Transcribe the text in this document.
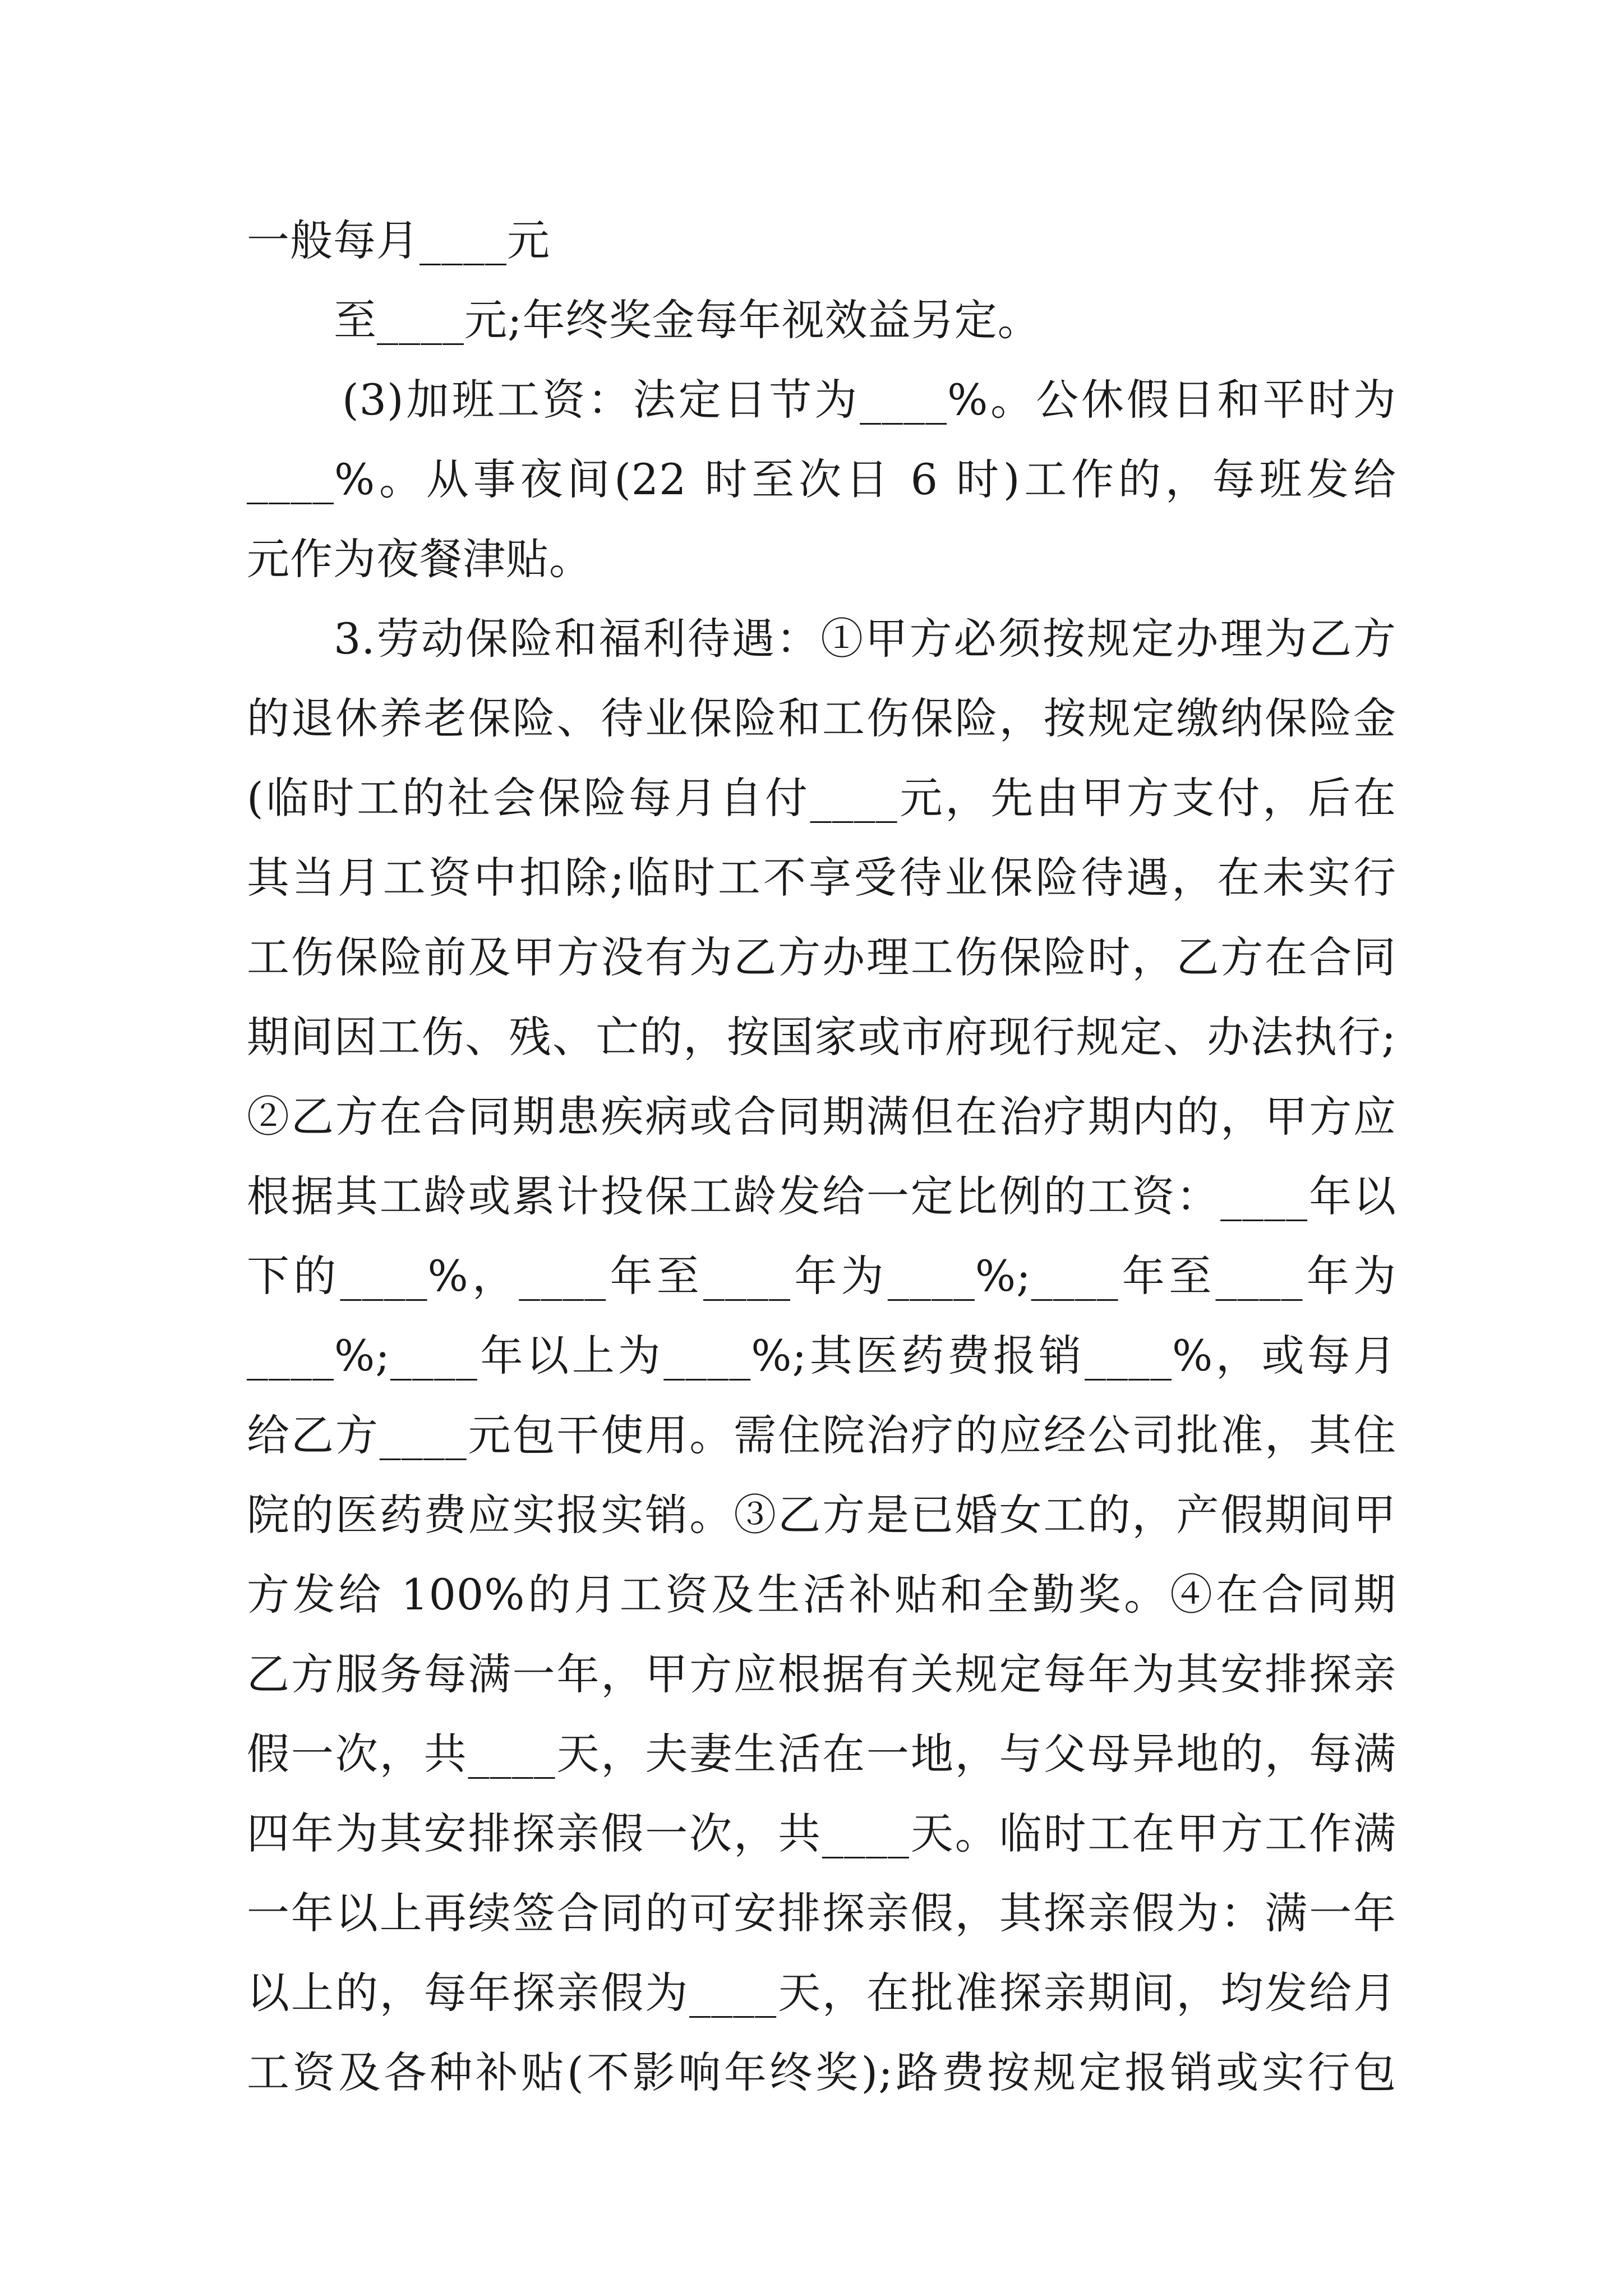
一般每月____元
至____元;年终奖金每年视效益另定。
(3)加班工资：法定日节为____%。公休假日和平时为
____%。从事夜间(22 时至次日 6 时)工作的，每班发给
元作为夜餐津贴。
3.劳动保险和福利待遇：①甲方必须按规定办理为乙方
的退休养老保险、待业保险和工伤保险，按规定缴纳保险金
(临时工的社会保险每月自付____元，先由甲方支付，后在
其当月工资中扣除;临时工不享受待业保险待遇，在未实行
工伤保险前及甲方没有为乙方办理工伤保险时，乙方在合同
期间因工伤、残、亡的，按国家或市府现行规定、办法执行;
②乙方在合同期患疾病或合同期满但在治疗期内的，甲方应
根据其工龄或累计投保工龄发给一定比例的工资：____年以
下的____%，____年至____年为____%;____年至____年为
____%;____年以上为____%;其医药费报销____%，或每月
给乙方____元包干使用。需住院治疗的应经公司批准，其住
院的医药费应实报实销。③乙方是已婚女工的，产假期间甲
方发给 100%的月工资及生活补贴和全勤奖。④在合同期
乙方服务每满一年，甲方应根据有关规定每年为其安排探亲
假一次，共____天，夫妻生活在一地，与父母异地的，每满
四年为其安排探亲假一次，共____天。临时工在甲方工作满
一年以上再续签合同的可安排探亲假，其探亲假为：满一年
以上的，每年探亲假为____天，在批准探亲期间，均发给月
工资及各种补贴(不影响年终奖);路费按规定报销或实行包
